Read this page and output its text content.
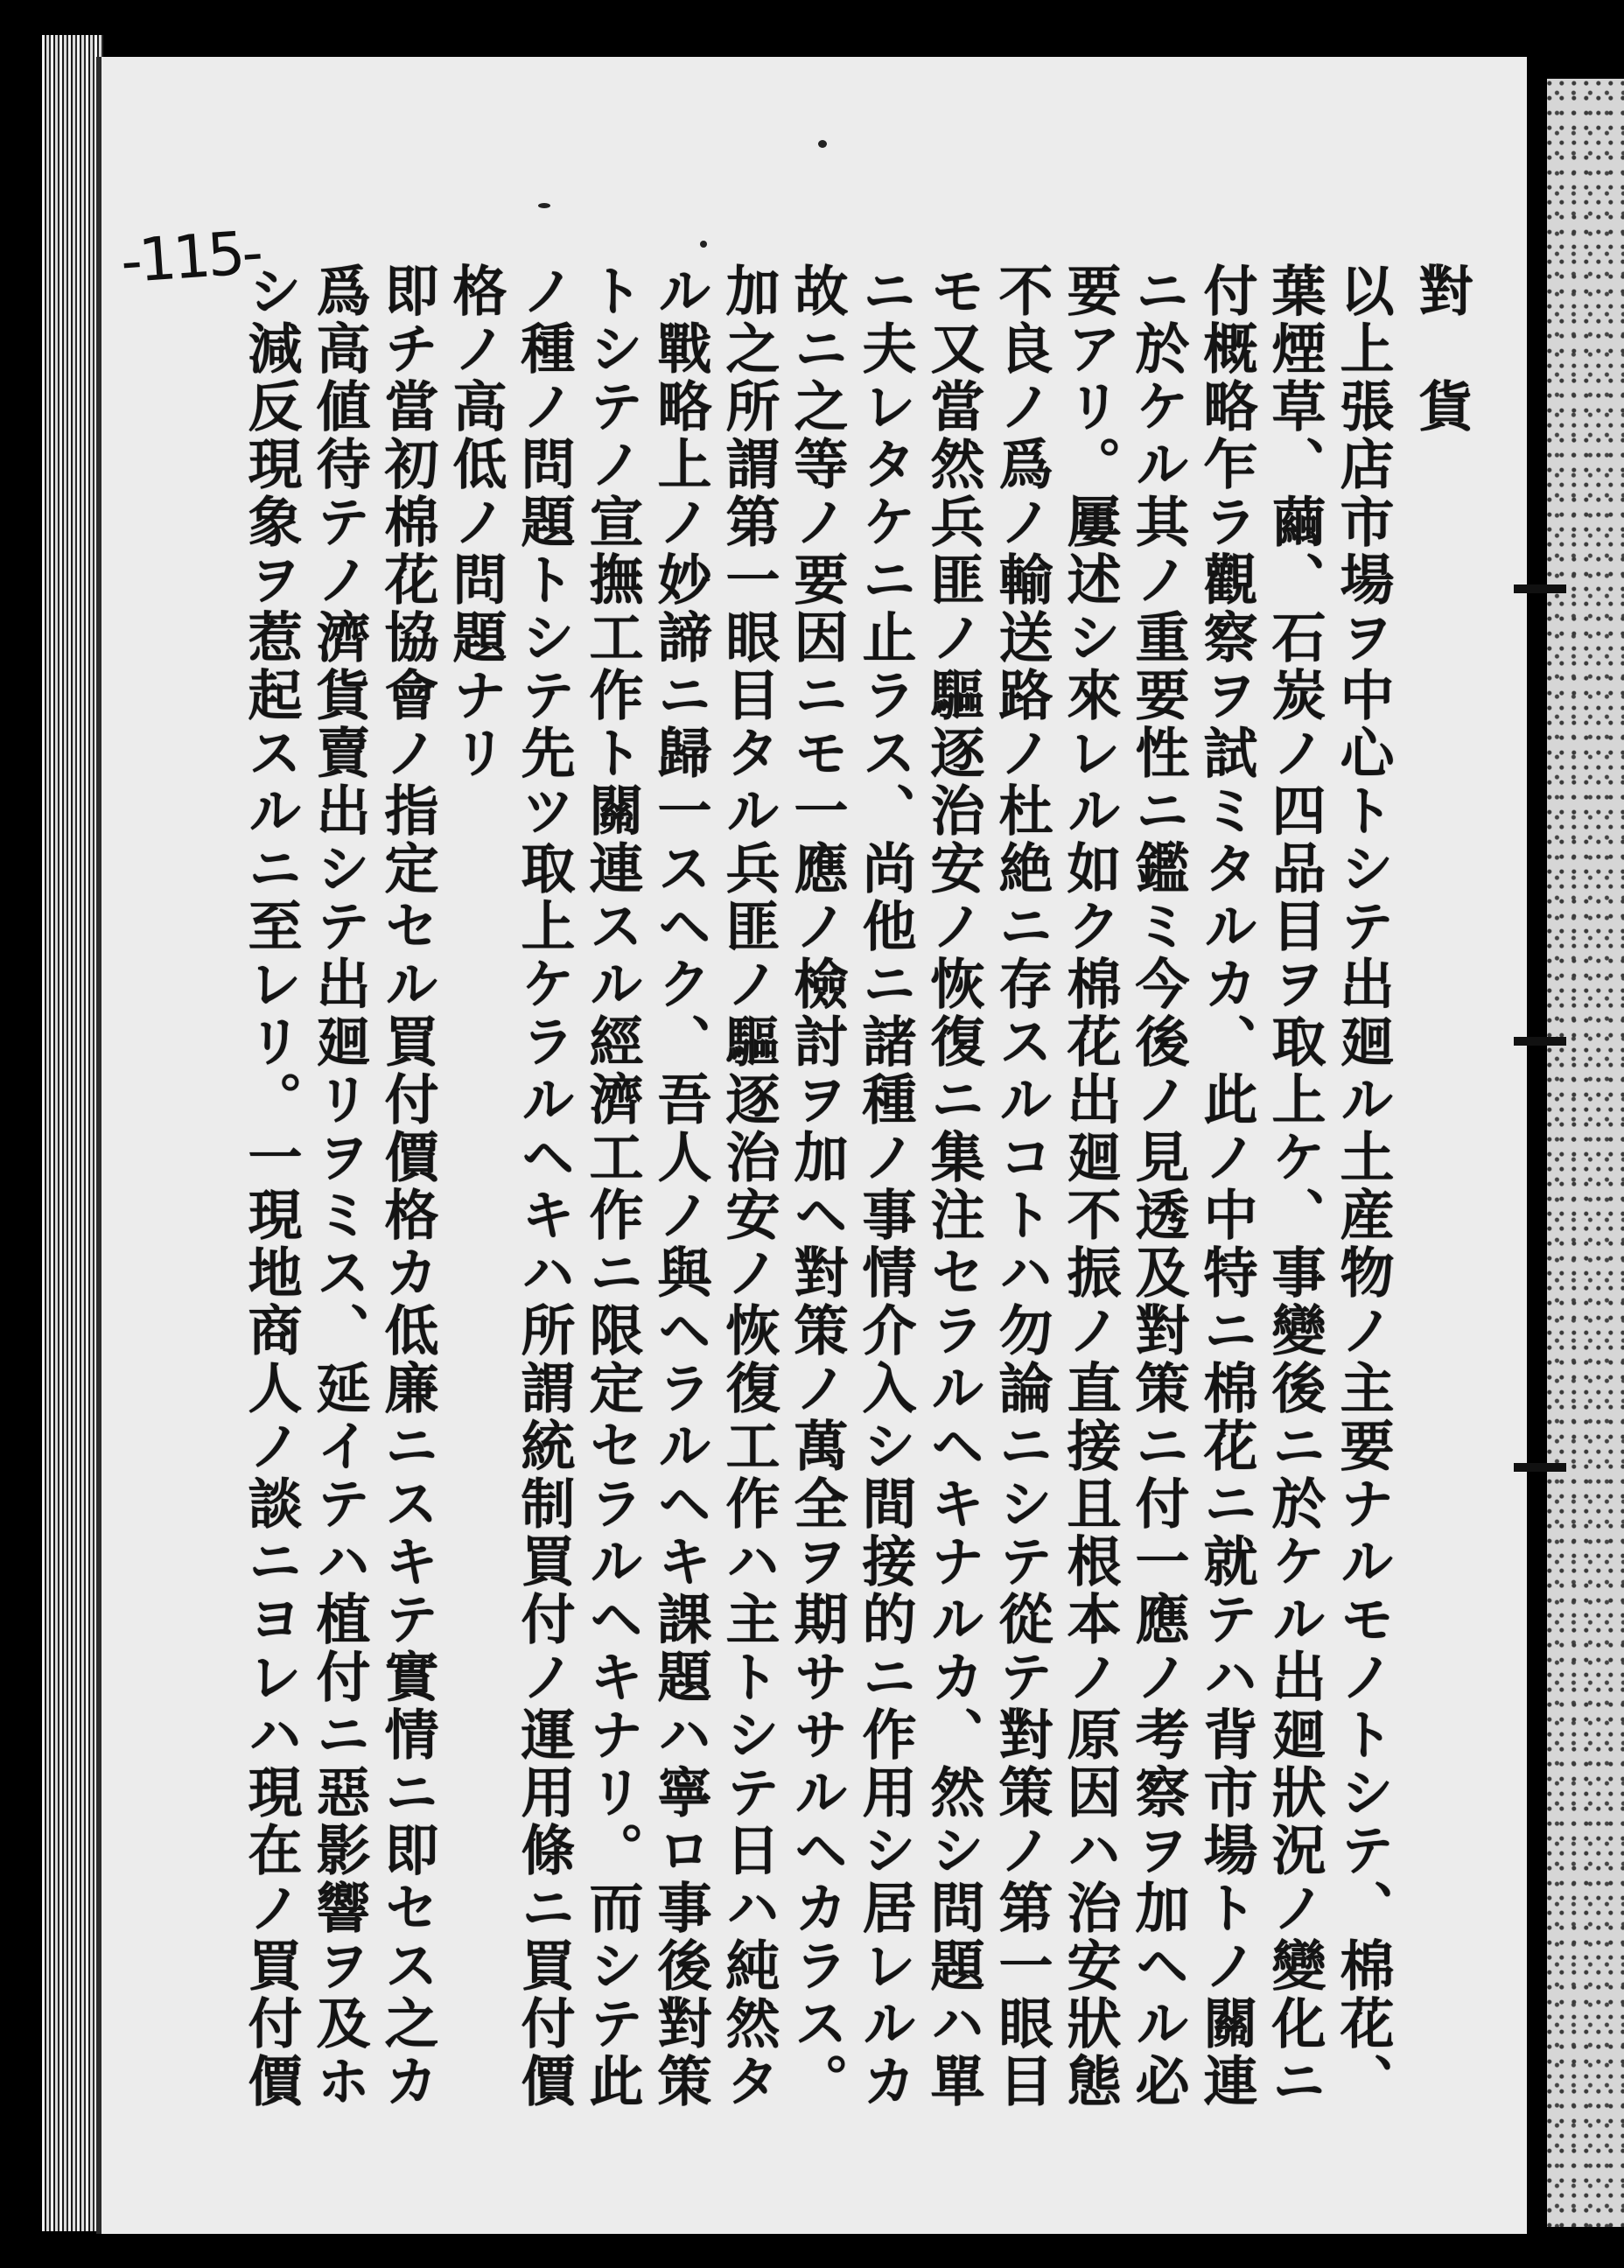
-115-
對　貨
以上張店市場ヲ中心トシテ出廻ル土産物ノ主要ナルモノトシテ、棉花、
葉煙草、繭、石炭ノ四品目ヲ取上ケ、事變後ニ於ケル出廻狀況ノ變化ニ
付概略乍ラ觀察ヲ試ミタルカ、此ノ中特ニ棉花ニ就テハ背市場トノ關連
ニ於ケル其ノ重要性ニ鑑ミ今後ノ見透及對策ニ付一應ノ考察ヲ加ヘル必
要アリ。屢述シ來レル如ク棉花出廻不振ノ直接且根本ノ原因ハ治安狀態
不良ノ爲ノ輸送路ノ杜絶ニ存スルコトハ勿論ニシテ從テ對策ノ第一眼目
モ又當然兵匪ノ驅逐治安ノ恢復ニ集注セラルヘキナルカ、然シ問題ハ單
ニ夫レタケニ止ラス、尚他ニ諸種ノ事情介入シ間接的ニ作用シ居レルカ
故ニ之等ノ要因ニモ一應ノ檢討ヲ加ヘ對策ノ萬全ヲ期ササルヘカラス。
加之所謂第一眼目タル兵匪ノ驅逐治安ノ恢復工作ハ主トシテ日ハ純然タ
ル戰略上ノ妙諦ニ歸一スヘク、吾人ノ與ヘラルヘキ課題ハ寧ロ事後對策
トシテノ宣撫工作ト關連スル經濟工作ニ限定セラルヘキナリ。而シテ此
ノ種ノ問題トシテ先ツ取上ケラルヘキハ所謂統制買付ノ運用條ニ買付價
格ノ高低ノ問題ナリ
即チ當初棉花協會ノ指定セル買付價格カ低廉ニスキテ實情ニ即セス之カ
爲高値待テノ濟貨賣出シテ出廻リヲミス、延イテハ植付ニ惡影響ヲ及ホ
シ減反現象ヲ惹起スルニ至レリ。一現地商人ノ談ニヨレハ現在ノ買付價
